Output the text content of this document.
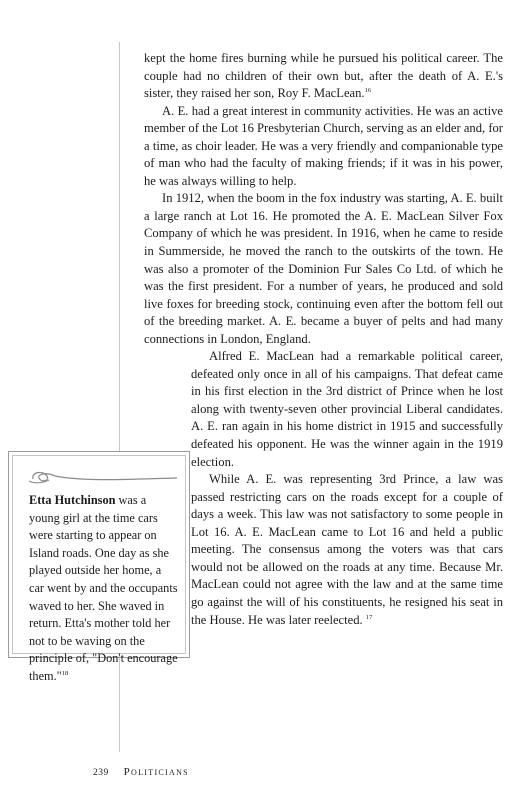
kept the home fires burning while he pursued his political career. The couple had no children of their own but, after the death of A. E.'s sister, they raised her son, Roy F. MacLean.$^{16}$

A. E. had a great interest in community activities. He was an active member of the Lot 16 Presbyterian Church, serving as an elder and, for a time, as choir leader. He was a very friendly and companionable type of man who had the faculty of making friends; if it was in his power, he was always willing to help.

In 1912, when the boom in the fox industry was starting, A. E. built a large ranch at Lot 16. He promoted the A. E. MacLean Silver Fox Company of which he was president. In 1916, when he came to reside in Summerside, he moved the ranch to the outskirts of the town. He was also a promoter of the Dominion Fur Sales Co Ltd. of which he was the first president. For a number of years, he produced and sold live foxes for breeding stock, continuing even after the bottom fell out of the breeding market. A. E. became a buyer of pelts and had many connections in London, England.

Alfred E. MacLean had a remarkable political career, defeated only once in all of his campaigns. That defeat came in his first election in the 3rd district of Prince when he lost along with twenty-seven other provincial Liberal candidates. A. E. ran again in his home district in 1915 and successfully defeated his opponent. He was the winner again in the 1919 election.

While A. E. was representing 3rd Prince, a law was passed restricting cars on the roads except for a couple of days a week. This law was not satisfactory to some people in Lot 16. A. E. MacLean came to Lot 16 and held a public meeting. The consensus among the voters was that cars would not be allowed on the roads at any time. Because Mr. MacLean could not agree with the law and at the same time go against the will of his constituents, he resigned his seat in the House. He was later reelected. $^{17}$

Etta Hutchinson was a young girl at the time cars were starting to appear on Island roads. One day as she played outside her home, a car went by and the occupants waved to her. She waved in return. Etta's mother told her not to be waving on the principle of, "Don't encourage them."$^{18}$
239 Politicians
